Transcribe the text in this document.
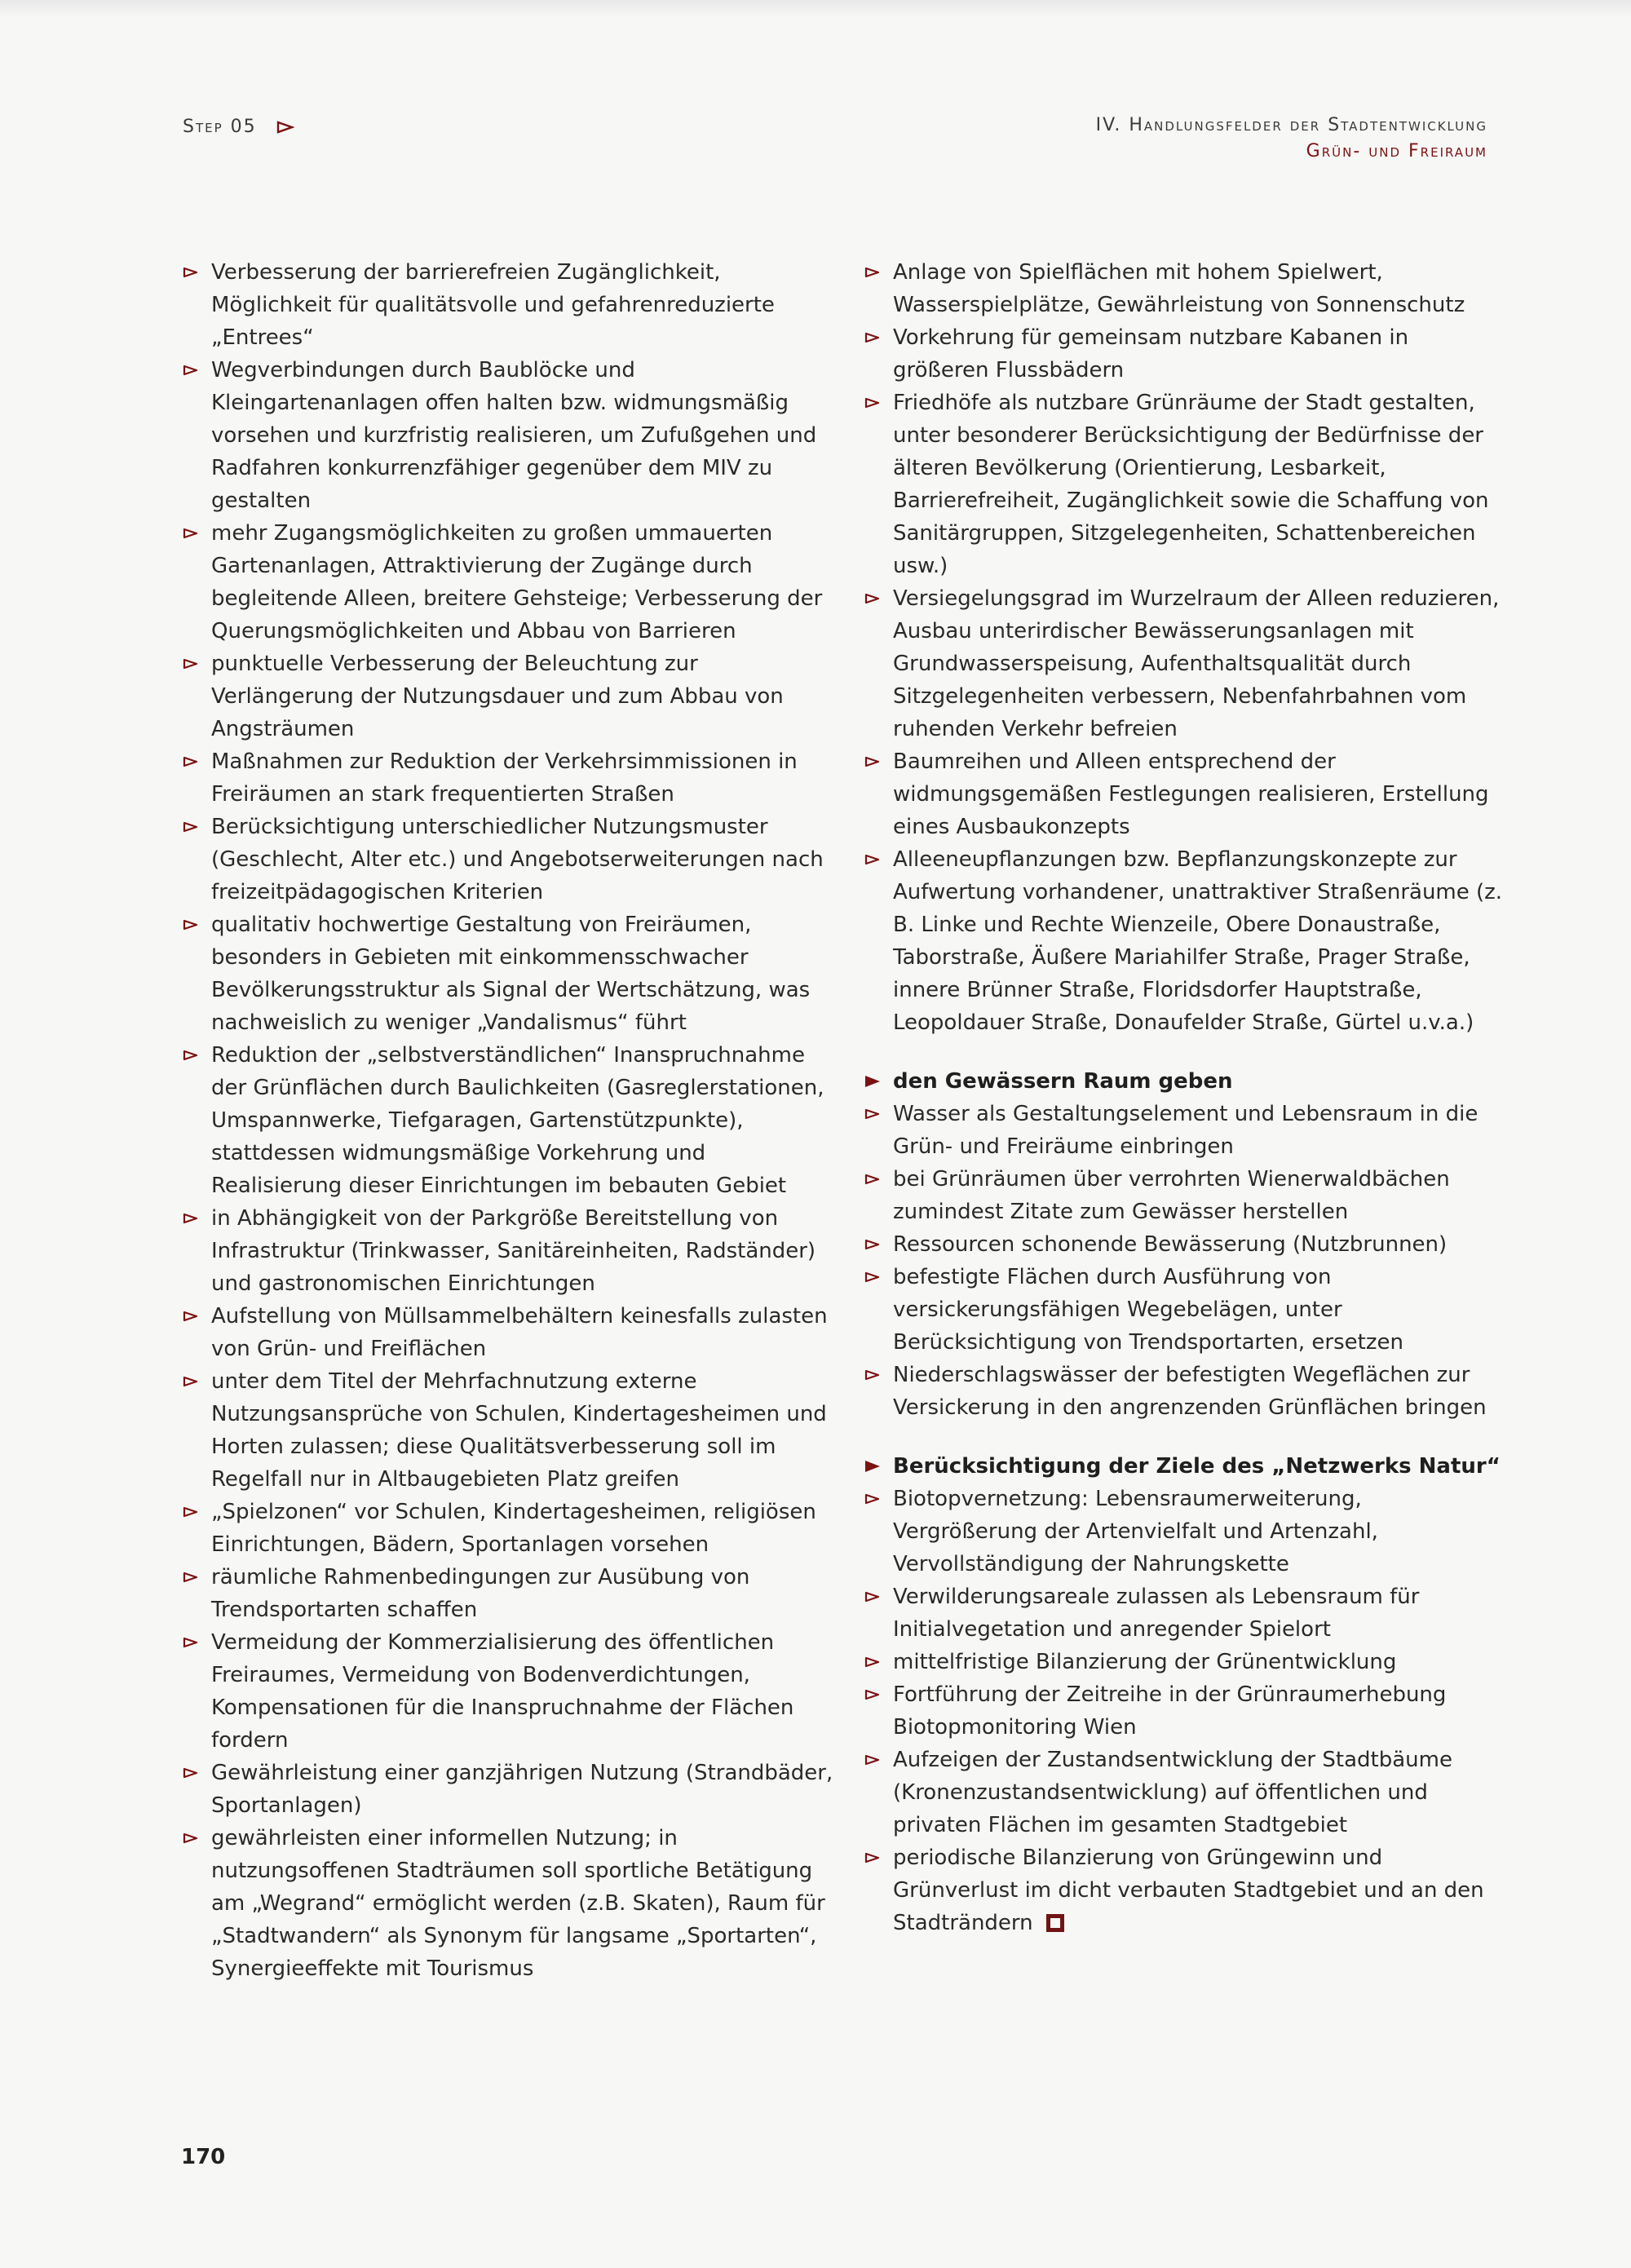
Step 05	IV. Handlungsfelder der Stadtentwicklung
Grün- und Freiraum
Verbesserung der barrierefreien Zugänglichkeit, Möglichkeit für qualitätsvolle und gefahrenreduzierte „Entrees“
Wegverbindungen durch Baublöcke und Kleingartenanlagen offen halten bzw. widmungsmäßig vorsehen und kurzfristig realisieren, um Zufußgehen und Radfahren konkurrenzfähiger gegenüber dem MIV zu gestalten
mehr Zugangsmöglichkeiten zu großen ummauerten Gartenanlagen, Attraktivierung der Zugänge durch begleitende Alleen, breitere Gehsteige; Verbesserung der Querungsmöglichkeiten und Abbau von Barrieren
punktuelle Verbesserung der Beleuchtung zur Verlängerung der Nutzungsdauer und zum Abbau von Angsträumen
Maßnahmen zur Reduktion der Verkehrsimmissionen in Freiräumen an stark frequentierten Straßen
Berücksichtigung unterschiedlicher Nutzungsmuster (Geschlecht, Alter etc.) und Angebotserweiterungen nach freizeitpädagogischen Kriterien
qualitativ hochwertige Gestaltung von Freiräumen, besonders in Gebieten mit einkommensschwacher Bevölkerungsstruktur als Signal der Wertschätzung, was nachweislich zu weniger „Vandalismus“ führt
Reduktion der „selbstverständlichen“ Inanspruchnahme der Grünflächen durch Baulichkeiten (Gasreglerstationen, Umspannwerke, Tiefgaragen, Gartenstützpunkte), stattdessen widmungsmäßige Vorkehrung und Realisierung dieser Einrichtungen im bebauten Gebiet
in Abhängigkeit von der Parkgröße Bereitstellung von Infrastruktur (Trinkwasser, Sanitäreinheiten, Radständer) und gastronomischen Einrichtungen
Aufstellung von Müllsammelbehältern keinesfalls zulasten von Grün- und Freiflächen
unter dem Titel der Mehrfachnutzung externe Nutzungsansprüche von Schulen, Kindertagesheimen und Horten zulassen; diese Qualitätsverbesserung soll im Regelfall nur in Altbaugebieten Platz greifen
„Spielzonen“ vor Schulen, Kindertagesheimen, religiösen Einrichtungen, Bädern, Sportanlagen vorsehen
räumliche Rahmenbedingungen zur Ausübung von Trendsportarten schaffen
Vermeidung der Kommerzialisierung des öffentlichen Freiraumes, Vermeidung von Bodenverdichtungen, Kompensationen für die Inanspruchnahme der Flächen fordern
Gewährleistung einer ganzjährigen Nutzung (Strandbäder, Sportanlagen)
gewährleisten einer informellen Nutzung; in nutzungsoffenen Stadträumen soll sportliche Betätigung am „Wegrand“ ermöglicht werden (z.B. Skaten), Raum für „Stadtwandern“ als Synonym für langsame „Sportarten“, Synergieeffekte mit Tourismus
Anlage von Spielflächen mit hohem Spielwert, Wasserspielplätze, Gewährleistung von Sonnenschutz
Vorkehrung für gemeinsam nutzbare Kabanen in größeren Flussbädern
Friedhöfe als nutzbare Grünräume der Stadt gestalten, unter besonderer Berücksichtigung der Bedürfnisse der älteren Bevölkerung (Orientierung, Lesbarkeit, Barrierefreiheit, Zugänglichkeit sowie die Schaffung von Sanitärgruppen, Sitzgelegenheiten, Schattenbereichen usw.)
Versiegelungsgrad im Wurzelraum der Alleen reduzieren, Ausbau unterirdischer Bewässerungsanlagen mit Grundwasserspeisung, Aufenthaltsqualität durch Sitzgelegenheiten verbessern, Nebenfahrbahnen vom ruhenden Verkehr befreien
Baumreihen und Alleen entsprechend der widmungsgemäßen Festlegungen realisieren, Erstellung eines Ausbaukonzepts
Alleeneupflanzungen bzw. Bepflanzungskonzepte zur Aufwertung vorhandener, unattraktiver Straßenräume (z. B. Linke und Rechte Wienzeile, Obere Donaustraße, Taborstraße, Äußere Mariahilfer Straße, Prager Straße, innere Brünner Straße, Floridsdorfer Hauptstraße, Leopoldauer Straße, Donaufelder Straße, Gürtel u.v.a.)
den Gewässern Raum geben
Wasser als Gestaltungselement und Lebensraum in die Grün- und Freiräume einbringen
bei Grünräumen über verrohrten Wienerwaldbächen zumindest Zitate zum Gewässer herstellen
Ressourcen schonende Bewässerung (Nutzbrunnen)
befestigte Flächen durch Ausführung von versickerungsfähigen Wegebelägen, unter Berücksichtigung von Trendsportarten, ersetzen
Niederschlagswässer der befestigten Wegeflächen zur Versickerung in den angrenzenden Grünflächen bringen
Berücksichtigung der Ziele des „Netzwerks Natur“
Biotopvernetzung: Lebensraumerweiterung, Vergrößerung der Artenvielfalt und Artenzahl, Vervollständigung der Nahrungskette
Verwilderungsareale zulassen als Lebensraum für Initialvegetation und anregender Spielort
mittelfristige Bilanzierung der Grünentwicklung
Fortführung der Zeitreihe in der Grünraumerhebung Biotopmonitoring Wien
Aufzeigen der Zustandsentwicklung der Stadtbäume (Kronenzustandsentwicklung) auf öffentlichen und privaten Flächen im gesamten Stadtgebiet
periodische Bilanzierung von Grüngewinn und Grünverlust im dicht verbauten Stadtgebiet und an den Stadträndern
170
